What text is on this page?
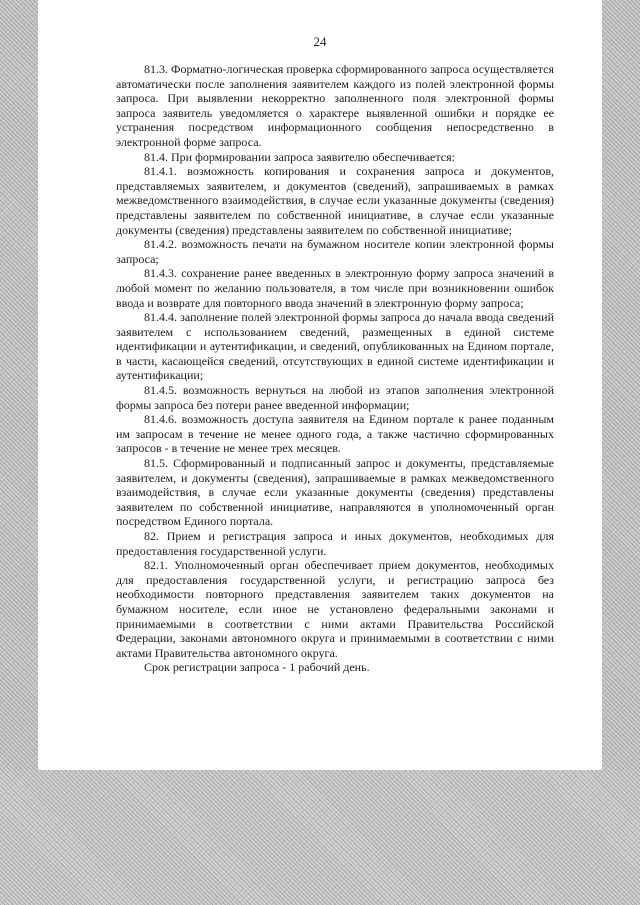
24

81.3. Форматно-логическая проверка сформированного запроса осуществляется автоматически после заполнения заявителем каждого из полей электронной формы запроса. При выявлении некорректно заполненного поля электронной формы запроса заявитель уведомляется о характере выявленной ошибки и порядке ее устранения посредством информационного сообщения непосредственно в электронной форме запроса.

81.4. При формировании запроса заявителю обеспечивается:

81.4.1. возможность копирования и сохранения запроса и документов, представляемых заявителем, и документов (сведений), запрашиваемых в рамках межведомственного взаимодействия, в случае если указанные документы (сведения) представлены заявителем по собственной инициативе, в случае если указанные документы (сведения) представлены заявителем по собственной инициативе;

81.4.2. возможность печати на бумажном носителе копии электронной формы запроса;

81.4.3. сохранение ранее введенных в электронную форму запроса значений в любой момент по желанию пользователя, в том числе при возникновении ошибок ввода и возврате для повторного ввода значений в электронную форму запроса;

81.4.4. заполнение полей электронной формы запроса до начала ввода сведений заявителем с использованием сведений, размещенных в единой системе идентификации и аутентификации, и сведений, опубликованных на Едином портале, в части, касающейся сведений, отсутствующих в единой системе идентификации и аутентификации;

81.4.5. возможность вернуться на любой из этапов заполнения электронной формы запроса без потери ранее введенной информации;

81.4.6. возможность доступа заявителя на Едином портале к ранее поданным им запросам в течение не менее одного года, а также частично сформированных запросов - в течение не менее трех месяцев.

81.5. Сформированный и подписанный запрос и документы, представляемые заявителем, и документы (сведения), запрашиваемые в рамках межведомственного взаимодействия, в случае если указанные документы (сведения) представлены заявителем по собственной инициативе, направляются в уполномоченный орган посредством Единого портала.

82. Прием и регистрация запроса и иных документов, необходимых для предоставления государственной услуги.

82.1. Уполномоченный орган обеспечивает прием документов, необходимых для предоставления государственной услуги, и регистрацию запроса без необходимости повторного представления заявителем таких документов на бумажном носителе, если иное не установлено федеральными законами и принимаемыми в соответствии с ними актами Правительства Российской Федерации, законами автономного округа и принимаемыми в соответствии с ними актами Правительства автономного округа.

Срок регистрации запроса - 1 рабочий день.
